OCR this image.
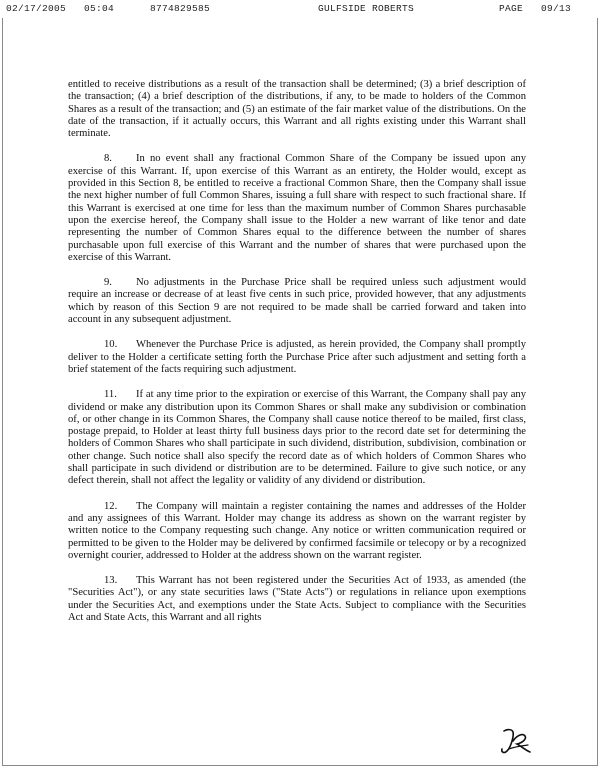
02/17/2005 05:04	8774829585	GULFSIDE ROBERTS	PAGE 09/13

entitled to receive distributions as a result of the transaction shall be determined; (3) a brief description of the transaction; (4) a brief description of the distributions, if any, to be made to holders of the Common Shares as a result of the transaction; and (5) an estimate of the fair market value of the distributions. On the date of the transaction, if it actually occurs, this Warrant and all rights existing under this Warrant shall terminate.

8. In no event shall any fractional Common Share of the Company be issued upon any exercise of this Warrant. If, upon exercise of this Warrant as an entirety, the Holder would, except as provided in this Section 8, be entitled to receive a fractional Common Share, then the Company shall issue the next higher number of full Common Shares, issuing a full share with respect to such fractional share. If this Warrant is exercised at one time for less than the maximum number of Common Shares purchasable upon the exercise hereof, the Company shall issue to the Holder a new warrant of like tenor and date representing the number of Common Shares equal to the difference between the number of shares purchasable upon full exercise of this Warrant and the number of shares that were purchased upon the exercise of this Warrant.

9. No adjustments in the Purchase Price shall be required unless such adjustment would require an increase or decrease of at least five cents in such price, provided however, that any adjustments which by reason of this Section 9 are not required to be made shall be carried forward and taken into account in any subsequent adjustment.

10. Whenever the Purchase Price is adjusted, as herein provided, the Company shall promptly deliver to the Holder a certificate setting forth the Purchase Price after such adjustment and setting forth a brief statement of the facts requiring such adjustment.

11. If at any time prior to the expiration or exercise of this Warrant, the Company shall pay any dividend or make any distribution upon its Common Shares or shall make any subdivision or combination of, or other change in its Common Shares, the Company shall cause notice thereof to be mailed, first class, postage prepaid, to Holder at least thirty full business days prior to the record date set for determining the holders of Common Shares who shall participate in such dividend, distribution, subdivision, combination or other change. Such notice shall also specify the record date as of which holders of Common Shares who shall participate in such dividend or distribution are to be determined. Failure to give such notice, or any defect therein, shall not affect the legality or validity of any dividend or distribution.

12. The Company will maintain a register containing the names and addresses of the Holder and any assignees of this Warrant. Holder may change its address as shown on the warrant register by written notice to the Company requesting such change. Any notice or written communication required or permitted to be given to the Holder may be delivered by confirmed facsimile or telecopy or by a recognized overnight courier, addressed to Holder at the address shown on the warrant register.

13. This Warrant has not been registered under the Securities Act of 1933, as amended (the "Securities Act"), or any state securities laws ("State Acts") or regulations in reliance upon exemptions under the Securities Act, and exemptions under the State Acts. Subject to compliance with the Securities Act and State Acts, this Warrant and all rights
